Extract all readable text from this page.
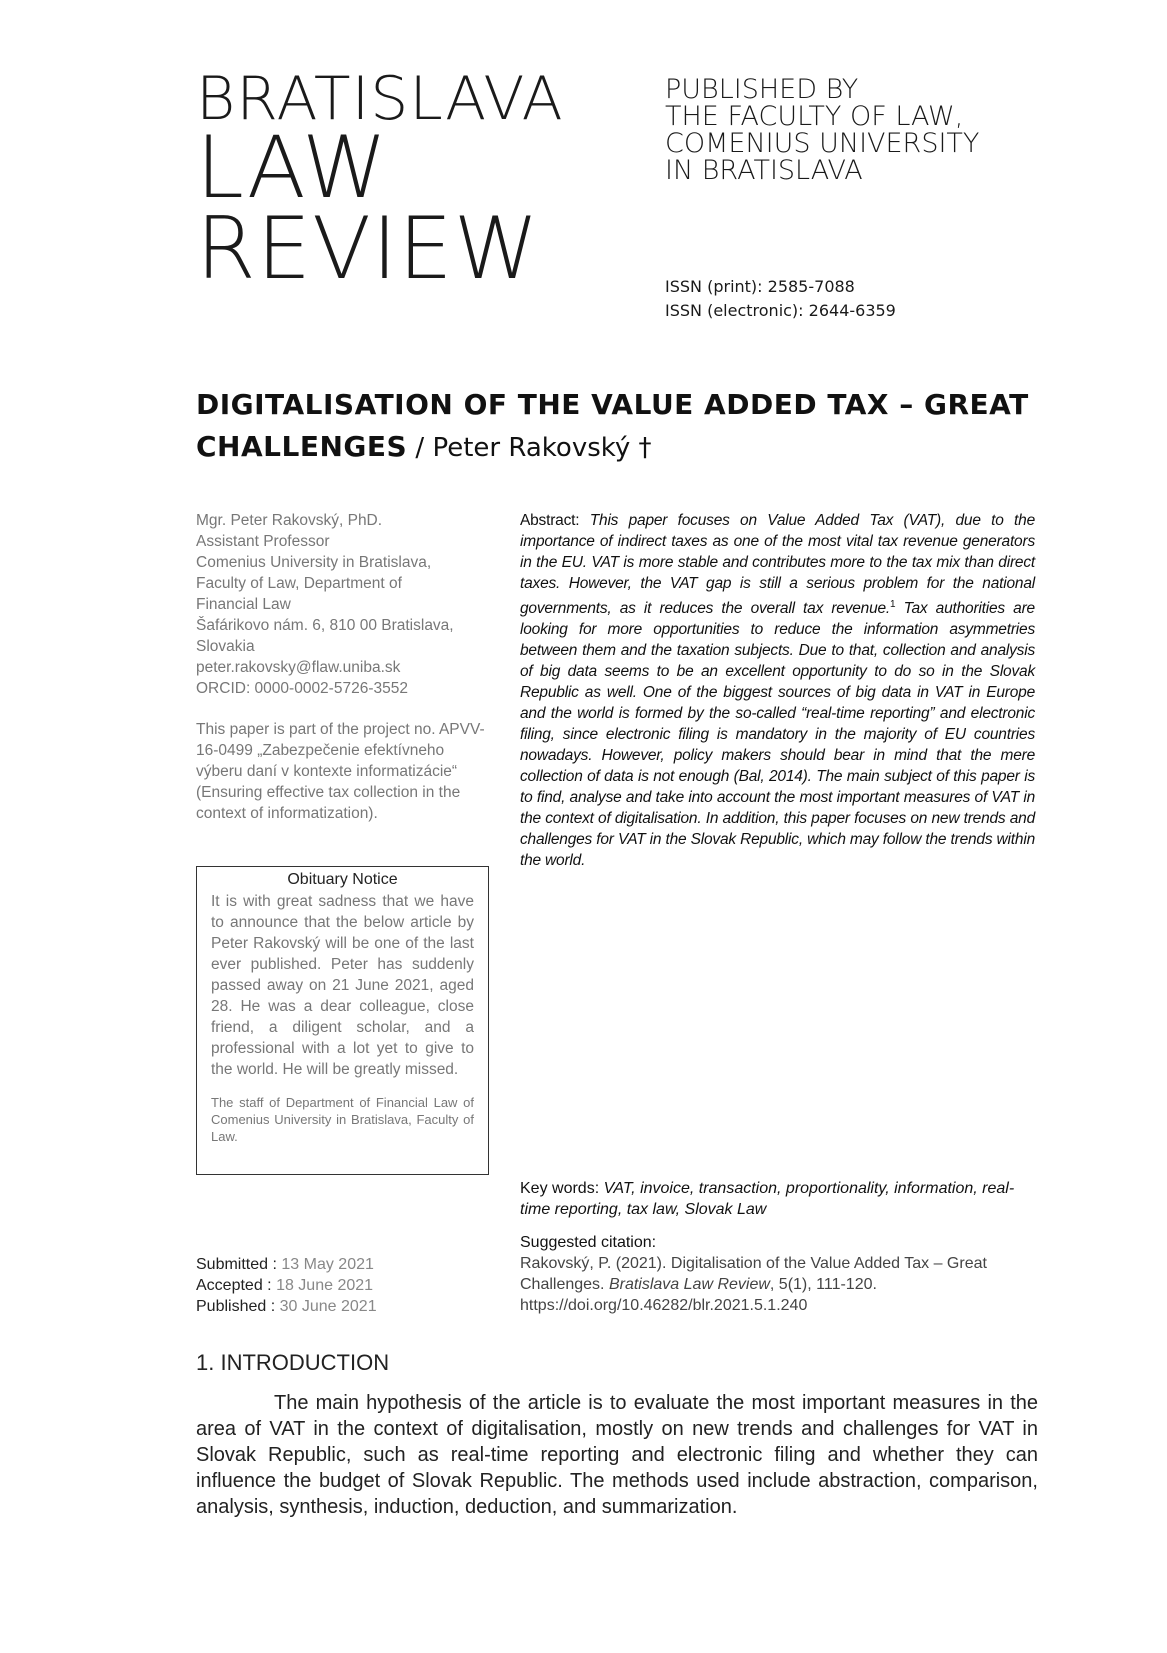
BRATISLAVA
LAW
REVIEW
PUBLISHED BY
THE FACULTY OF LAW,
COMENIUS UNIVERSITY
IN BRATISLAVA
ISSN (print): 2585-7088
ISSN (electronic): 2644-6359
DIGITALISATION OF THE VALUE ADDED TAX – GREAT
CHALLENGES / Peter Rakovský †

Mgr. Peter Rakovský, PhD.

Assistant Professor

Comenius University in Bratislava,

Faculty of Law, Department of

Financial Law

Šafárikovo nám. 6, 810 00 Bratislava,

Slovakia

peter.rakovsky@flaw.uniba.sk

ORCID: 0000-0002-5726-3552

This paper is part of the project no. APVV-16-0499 „Zabezpečenie efektívneho výberu daní v kontexte informatizácie“ (Ensuring effective tax collection in the context of informatization).

Obituary Notice
It is with great sadness that we have to announce that the below article by Peter Rakovský will be one of the last ever published. Peter has suddenly passed away on 21 June 2021, aged 28. He was a dear colleague, close friend, a diligent scholar, and a professional with a lot yet to give to the world. He will be greatly missed.
The staff of Department of Financial Law of Comenius University in Bratislava, Faculty of Law.
Submitted : 13 May 2021
Accepted : 18 June 2021
Published : 30 June 2021
Abstract: This paper focuses on Value Added Tax (VAT), due to the importance of indirect taxes as one of the most vital tax revenue generators in the EU. VAT is more stable and contributes more to the tax mix than direct taxes. However, the VAT gap is still a serious problem for the national governments, as it reduces the overall tax revenue.$^1$ Tax authorities are looking for more opportunities to reduce the information asymmetries between them and the taxation subjects. Due to that, collection and analysis of big data seems to be an excellent opportunity to do so in the Slovak Republic as well. One of the biggest sources of big data in VAT in Europe and the world is formed by the so-called “real-time reporting” and electronic filing, since electronic filing is mandatory in the majority of EU countries nowadays. However, policy makers should bear in mind that the mere collection of data is not enough (Bal, 2014). The main subject of this paper is to find, analyse and take into account the most important measures of VAT in the context of digitalisation. In addition, this paper focuses on new trends and challenges for VAT in the Slovak Republic, which may follow the trends within the world.
Key words: VAT, invoice, transaction, proportionality, information, real-time reporting, tax law, Slovak Law
Suggested citation:
Rakovský, P. (2021). Digitalisation of the Value Added Tax – Great Challenges. Bratislava Law Review, 5(1), 111-120.
https://doi.org/10.46282/blr.2021.5.1.240
1. INTRODUCTION

The main hypothesis of the article is to evaluate the most important measures in the area of VAT in the context of digitalisation, mostly on new trends and challenges for VAT in Slovak Republic, such as real-time reporting and electronic filing and whether they can influence the budget of Slovak Republic. The methods used include abstraction, comparison, analysis, synthesis, induction, deduction, and summarization.
